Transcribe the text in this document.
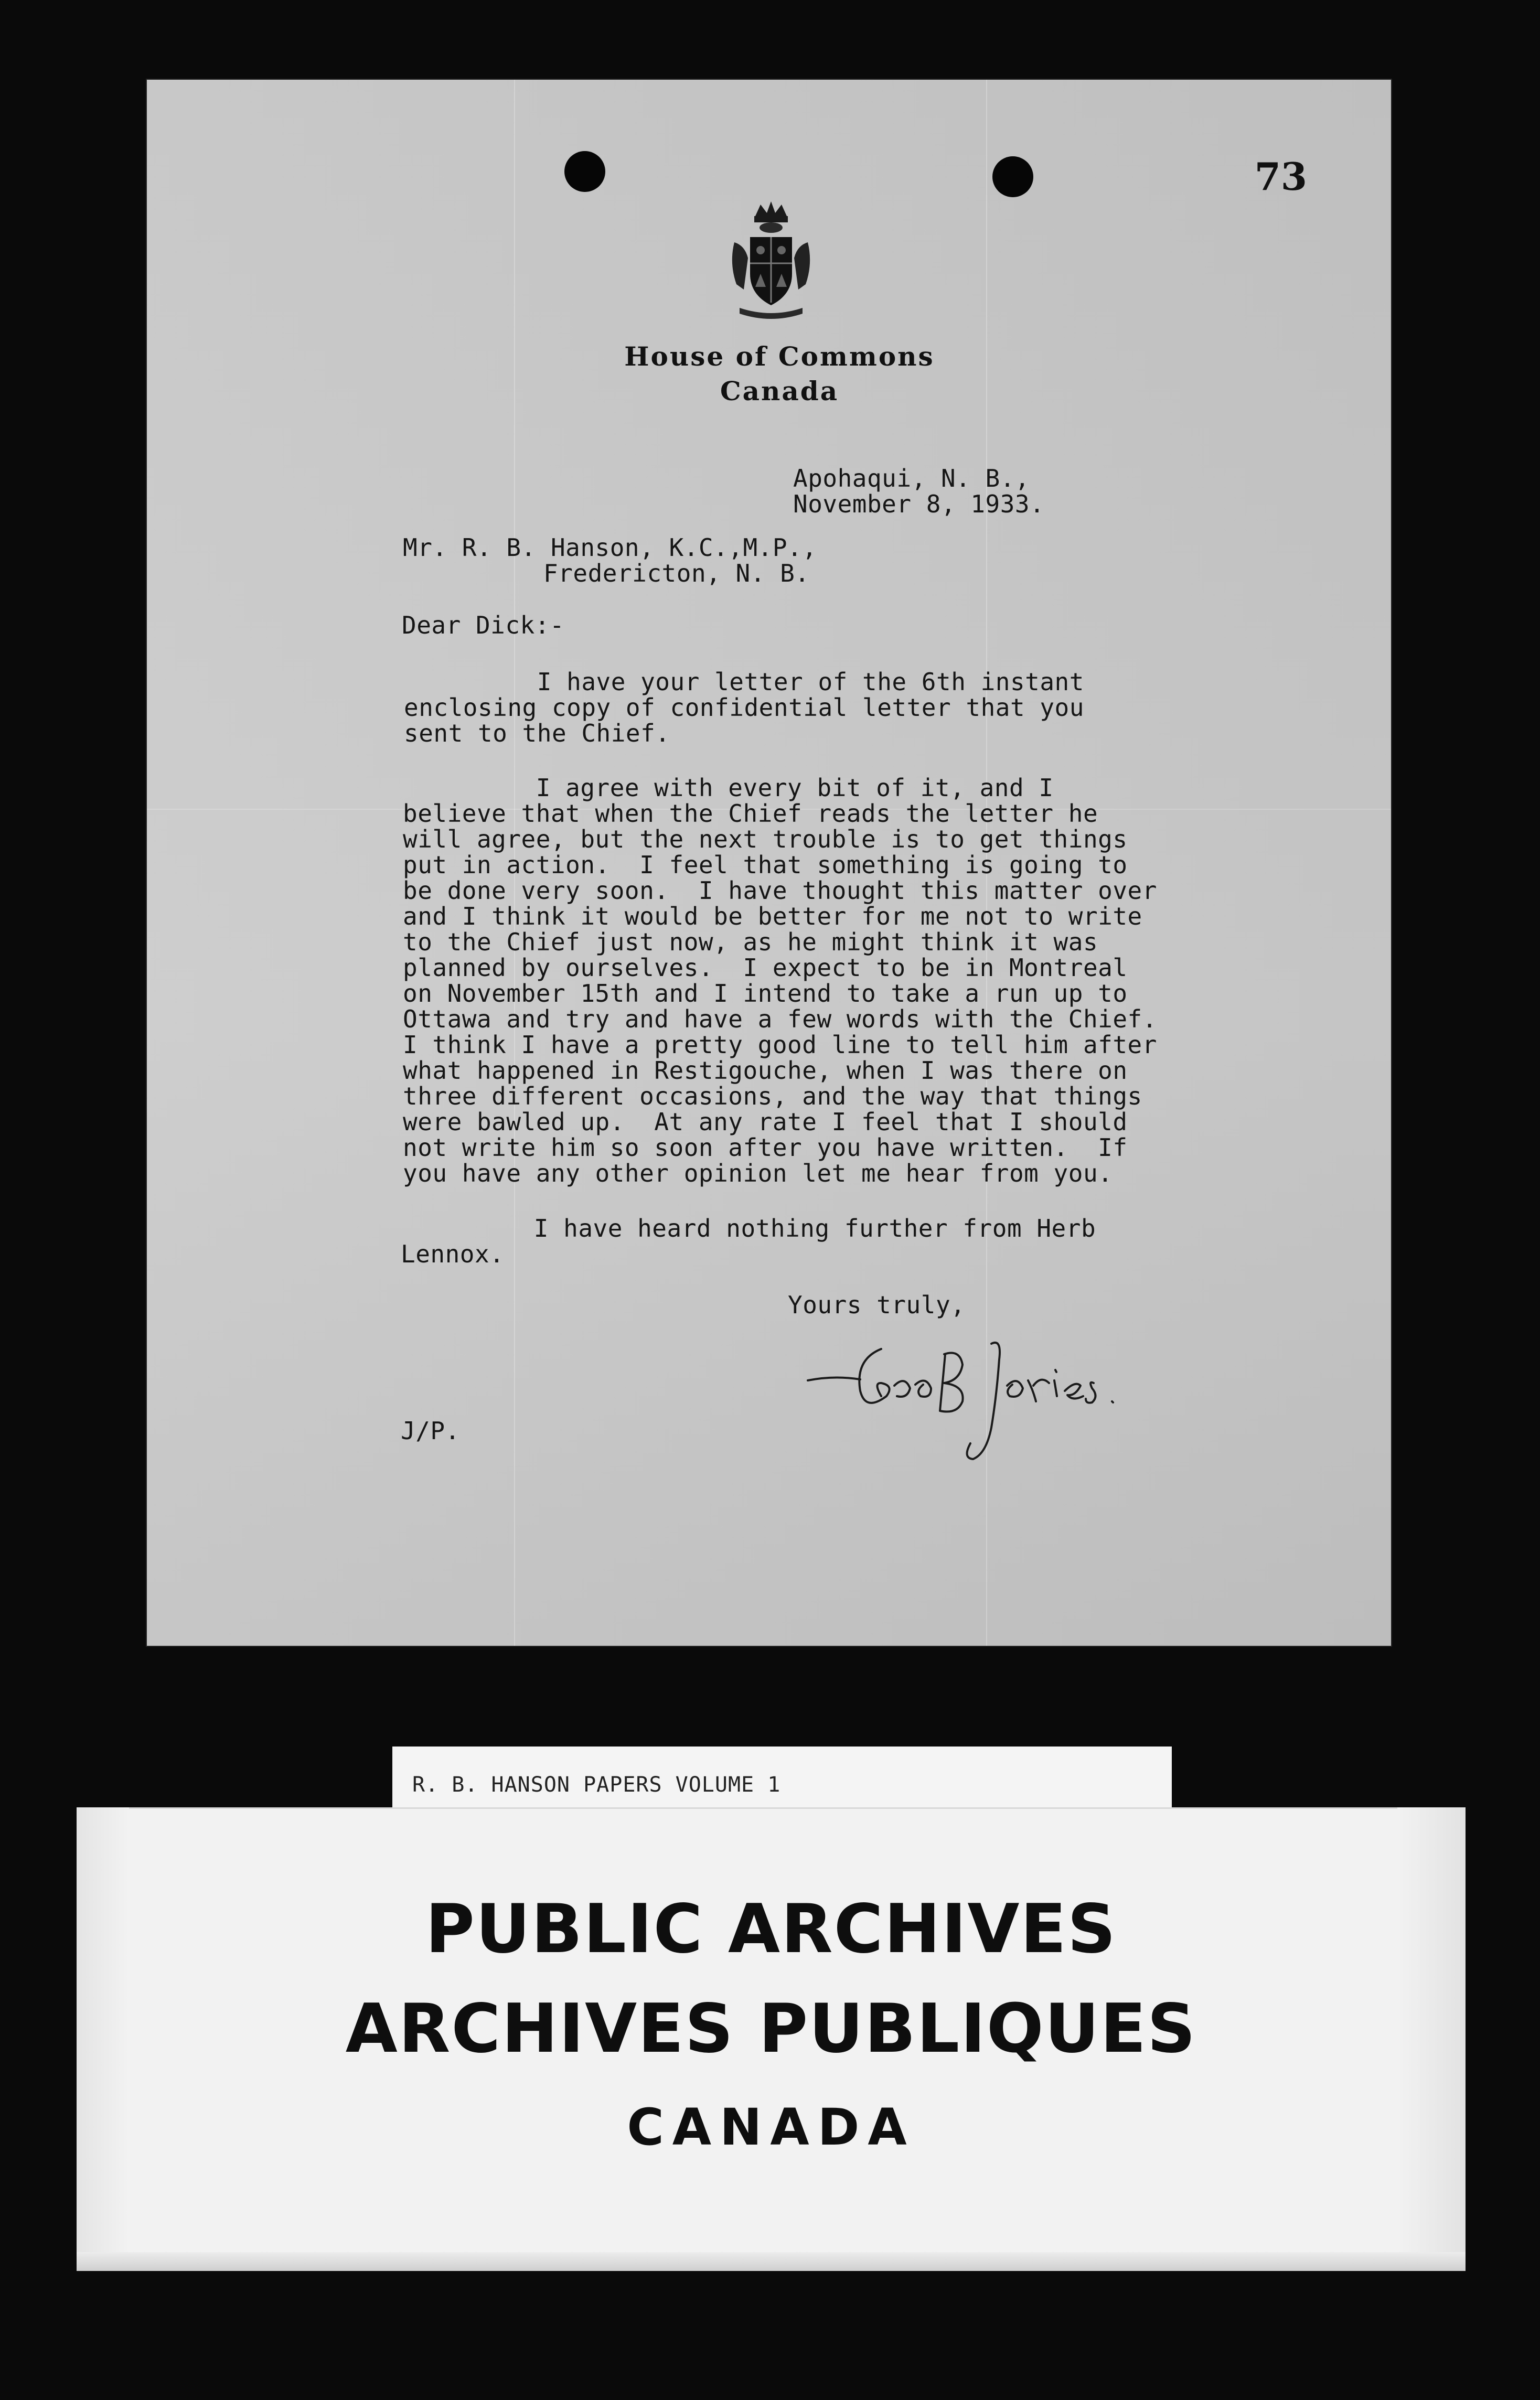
73
House of Commons
Canada
Apohaqui, N. B.,
November 8, 1933.
Mr. R. B. Hanson, K.C.,M.P.,
Fredericton, N. B.
Dear Dick:-
I have your letter of the 6th instant
enclosing copy of confidential letter that you
sent to the Chief.
I agree with every bit of it, and I
believe that when the Chief reads the letter he
will agree, but the next trouble is to get things
put in action.  I feel that something is going to
be done very soon.  I have thought this matter over
and I think it would be better for me not to write
to the Chief just now, as he might think it was
planned by ourselves.  I expect to be in Montreal
on November 15th and I intend to take a run up to
Ottawa and try and have a few words with the Chief.
I think I have a pretty good line to tell him after
what happened in Restigouche, when I was there on
three different occasions, and the way that things
were bawled up.  At any rate I feel that I should
not write him so soon after you have written.  If
you have any other opinion let me hear from you.
I have heard nothing further from Herb
Lennox.
Yours truly,
J/P.
R. B. HANSON PAPERS VOLUME 1
PUBLIC ARCHIVES
ARCHIVES PUBLIQUES
CANADA
